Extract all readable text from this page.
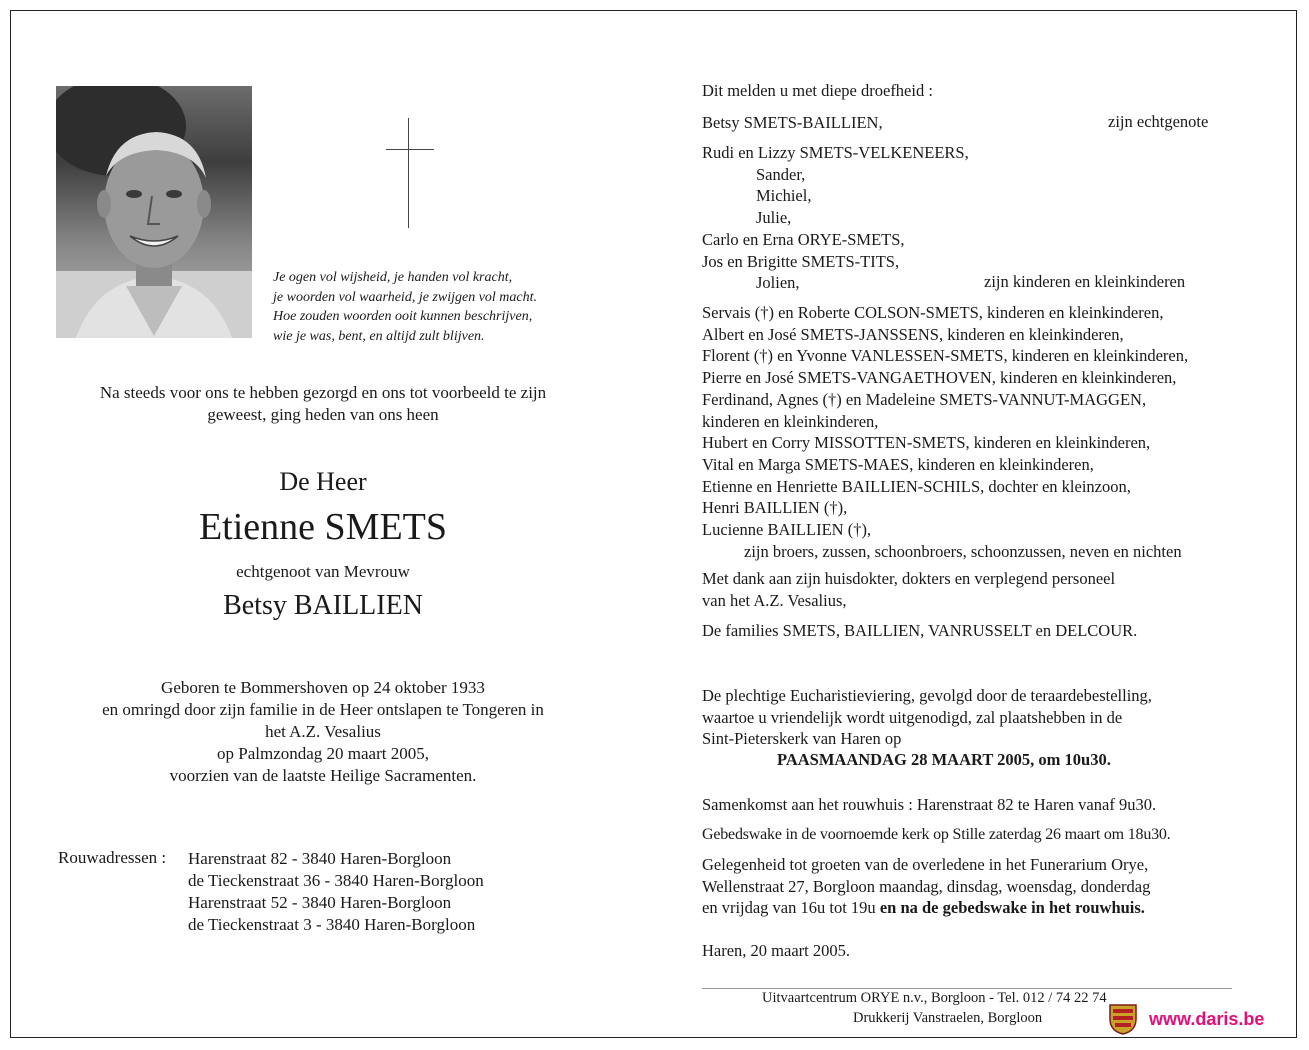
Je ogen vol wijsheid, je handen vol kracht,
je woorden vol waarheid, je zwijgen vol macht.
Hoe zouden woorden ooit kunnen beschrijven,
wie je was, bent, en altijd zult blijven.
Na steeds voor ons te hebben gezorgd en ons tot voorbeeld te zijn
geweest, ging heden van ons heen
De Heer
Etienne SMETS
echtgenoot van Mevrouw
Betsy BAILLIEN
Geboren te Bommershoven op 24 oktober 1933
en omringd door zijn familie in de Heer ontslapen te Tongeren in
het A.Z. Vesalius
op Palmzondag 20 maart 2005,
voorzien van de laatste Heilige Sacramenten.
Rouwadressen : Harenstraat 82 - 3840 Haren-Borgloon
de Tieckenstraat 36 - 3840 Haren-Borgloon
Harenstraat 52 - 3840 Haren-Borgloon
de Tieckenstraat 3 - 3840 Haren-Borgloon
Dit melden u met diepe droefheid :
Betsy SMETS-BAILLIEN,	zijn echtgenote
Rudi en Lizzy SMETS-VELKENEERS,
Sander,
Michiel,
Julie,
Carlo en Erna ORYE-SMETS,
Jos en Brigitte SMETS-TITS,
Jolien,	zijn kinderen en kleinkinderen
Servais (†) en Roberte COLSON-SMETS, kinderen en kleinkinderen,
Albert en José SMETS-JANSSENS, kinderen en kleinkinderen,
Florent (†) en Yvonne VANLESSEN-SMETS, kinderen en kleinkinderen,
Pierre en José SMETS-VANGAETHOVEN, kinderen en kleinkinderen,
Ferdinand, Agnes (†) en Madeleine SMETS-VANNUT-MAGGEN,
kinderen en kleinkinderen,
Hubert en Corry MISSOTTEN-SMETS, kinderen en kleinkinderen,
Vital en Marga SMETS-MAES, kinderen en kleinkinderen,
Etienne en Henriette BAILLIEN-SCHILS, dochter en kleinzoon,
Henri BAILLIEN (†),
Lucienne BAILLIEN (†),
zijn broers, zussen, schoonbroers, schoonzussen, neven en nichten
Met dank aan zijn huisdokter, dokters en verplegend personeel
van het A.Z. Vesalius,
De families SMETS, BAILLIEN, VANRUSSELT en DELCOUR.
De plechtige Eucharistieviering, gevolgd door de teraardebestelling,
waartoe u vriendelijk wordt uitgenodigd, zal plaatshebben in de
Sint-Pieterskerk van Haren op
PAASMAANDAG 28 MAART 2005, om 10u30.
Samenkomst aan het rouwhuis : Harenstraat 82 te Haren vanaf 9u30.
Gebedswake in de voornoemde kerk op Stille zaterdag 26 maart om 18u30.
Gelegenheid tot groeten van de overledene in het Funerarium Orye,
Wellenstraat 27, Borgloon maandag, dinsdag, woensdag, donderdag
en vrijdag van 16u tot 19u en na de gebedswake in het rouwhuis.
Haren, 20 maart 2005.
Uitvaartcentrum ORYE n.v., Borgloon - Tel. 012 / 74 22 74
Drukkerij Vanstraelen, Borgloon	www.daris.be
